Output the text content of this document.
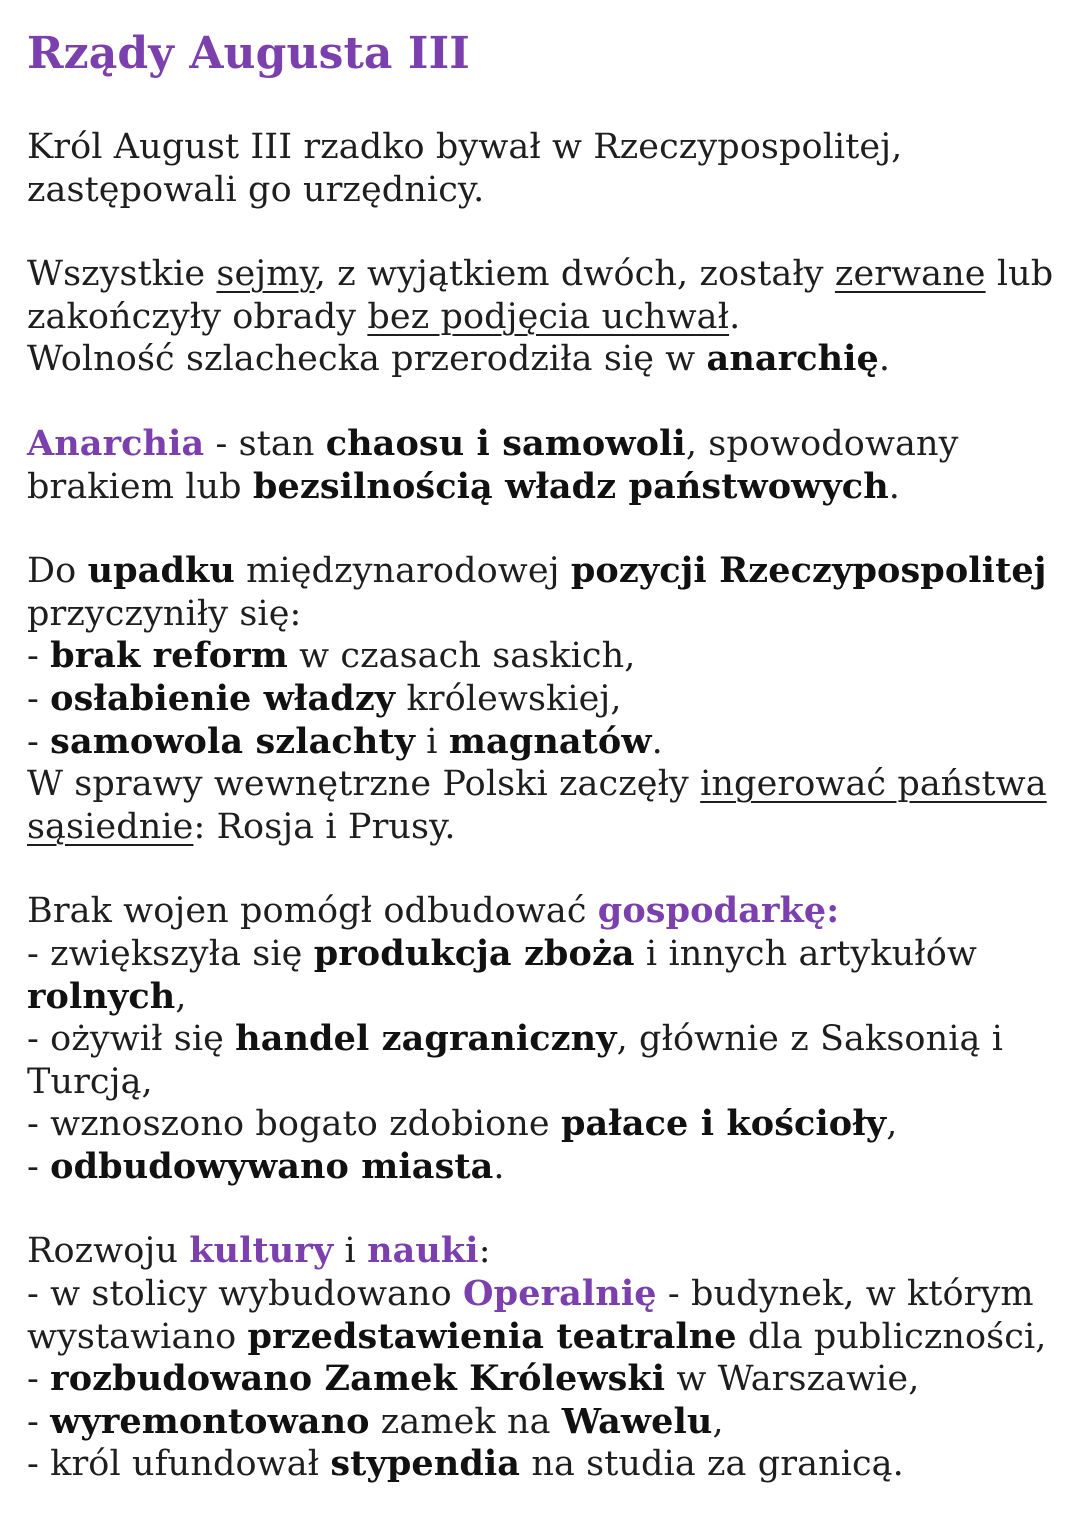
Rządy Augusta III
Król August III rzadko bywał w Rzeczypospolitej,
zastępowali go urzędnicy.
Wszystkie sejmy, z wyjątkiem dwóch, zostały zerwane lub
zakończyły obrady bez podjęcia uchwał.
Wolność szlachecka przerodziła się w anarchię.
Anarchia - stan chaosu i samowoli, spowodowany
brakiem lub bezsilnością władz państwowych.
Do upadku międzynarodowej pozycji Rzeczypospolitej
przyczyniły się:
- brak reform w czasach saskich,
- osłabienie władzy królewskiej,
- samowola szlachty i magnatów.
W sprawy wewnętrzne Polski zaczęły ingerować państwa
sąsiednie: Rosja i Prusy.
Brak wojen pomógł odbudować gospodarkę:
- zwiększyła się produkcja zboża i innych artykułów
rolnych,
- ożywił się handel zagraniczny, głównie z Saksonią i
Turcją,
- wznoszono bogato zdobione pałace i kościoły,
- odbudowywano miasta.
Rozwoju kultury i nauki:
- w stolicy wybudowano Operalnię - budynek, w którym
wystawiano przedstawienia teatralne dla publiczności,
- rozbudowano Zamek Królewski w Warszawie,
- wyremontowano zamek na Wawelu,
- król ufundował stypendia na studia za granicą.
